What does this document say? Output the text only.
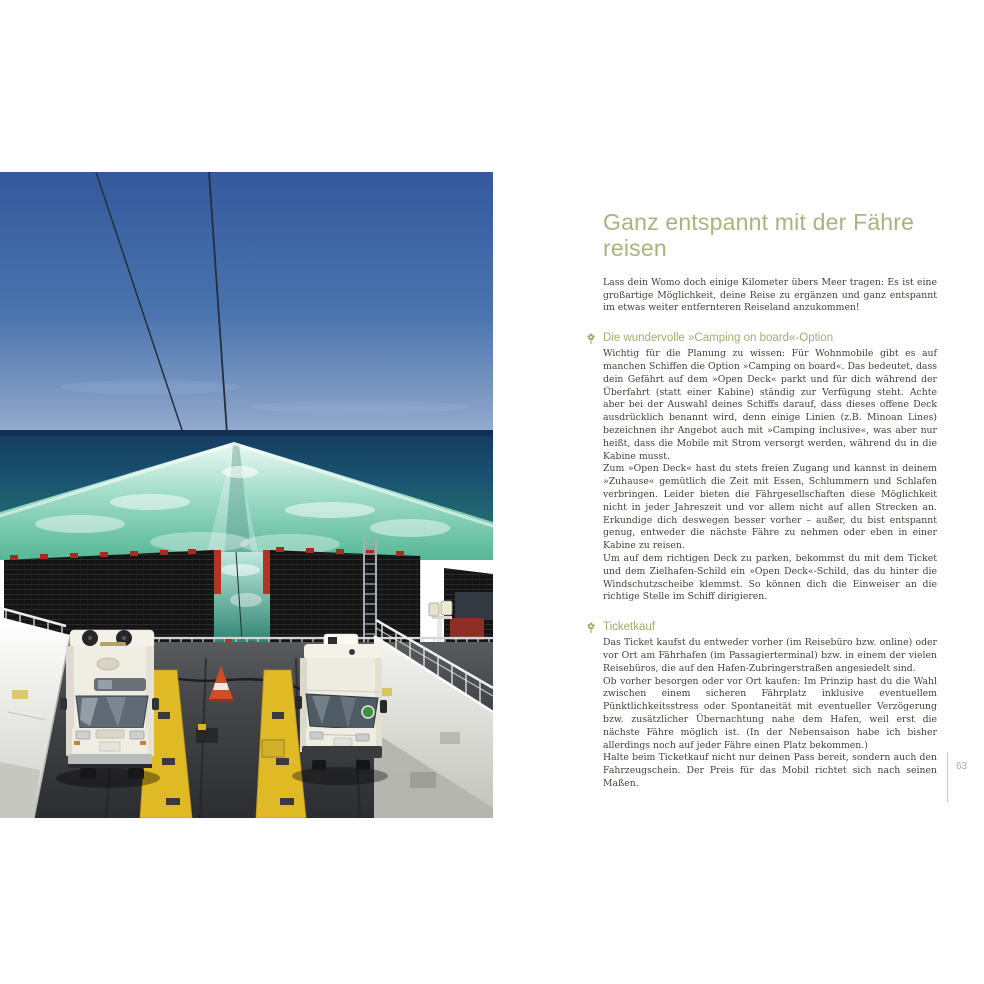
Ganz entspannt mit der Fähre reisen

Lass dein Womo doch einige Kilometer übers Meer tragen: Es ist eine großartige Möglichkeit, deine Reise zu ergänzen und ganz entspannt im etwas weiter entfernteren Reiseland anzukommen!

Die wundervolle »Camping on board«-Option

Wichtig für die Planung zu wissen: Für Wohnmobile gibt es auf manchen Schiffen die Option »Camping on board«. Das bedeutet, dass dein Gefährt auf dem »Open Deck« parkt und für dich während der Überfahrt (statt einer Kabine) ständig zur Verfügung steht. Achte aber bei der Auswahl deines Schiffs darauf, dass dieses offene Deck ausdrücklich benannt wird, denn einige Linien (z.B. Minoan Lines) bezeichnen ihr Angebot auch mit »Camping inclusive«, was aber nur heißt, dass die Mobile mit Strom versorgt werden, während du in die Kabine musst.

Zum »Open Deck« hast du stets freien Zugang und kannst in deinem »Zuhause« gemütlich die Zeit mit Essen, Schlummern und Schlafen verbringen. Leider bieten die Fährgesellschaften diese Möglichkeit nicht in jeder Jahreszeit und vor allem nicht auf allen Strecken an. Erkundige dich deswegen besser vorher – außer, du bist entspannt genug, entweder die nächste Fähre zu nehmen oder eben in einer Kabine zu reisen.

Um auf dem richtigen Deck zu parken, bekommst du mit dem Ticket und dem Zielhafen-Schild ein »Open Deck«-Schild, das du hinter die Windschutzscheibe klemmst. So können dich die Einweiser an die richtige Stelle im Schiff dirigieren.

Ticketkauf

Das Ticket kaufst du entweder vorher (im Reisebüro bzw. online) oder vor Ort am Fährhafen (im Passagierterminal) bzw. in einem der vielen Reisebüros, die auf den Hafen-Zubringerstraßen angesiedelt sind.

Ob vorher besorgen oder vor Ort kaufen: Im Prinzip hast du die Wahl zwischen einem sicheren Fährplatz inklusive eventuellem Pünktlichkeitsstress oder Spontaneität mit eventueller Verzögerung bzw. zusätzlicher Übernachtung nahe dem Hafen, weil erst die nächste Fähre möglich ist. (In der Nebensaison habe ich bisher allerdings noch auf jeder Fähre einen Platz bekommen.)

Halte beim Ticketkauf nicht nur deinen Pass bereit, sondern auch den Fahrzeugschein. Der Preis für das Mobil richtet sich nach seinen Maßen.

63
